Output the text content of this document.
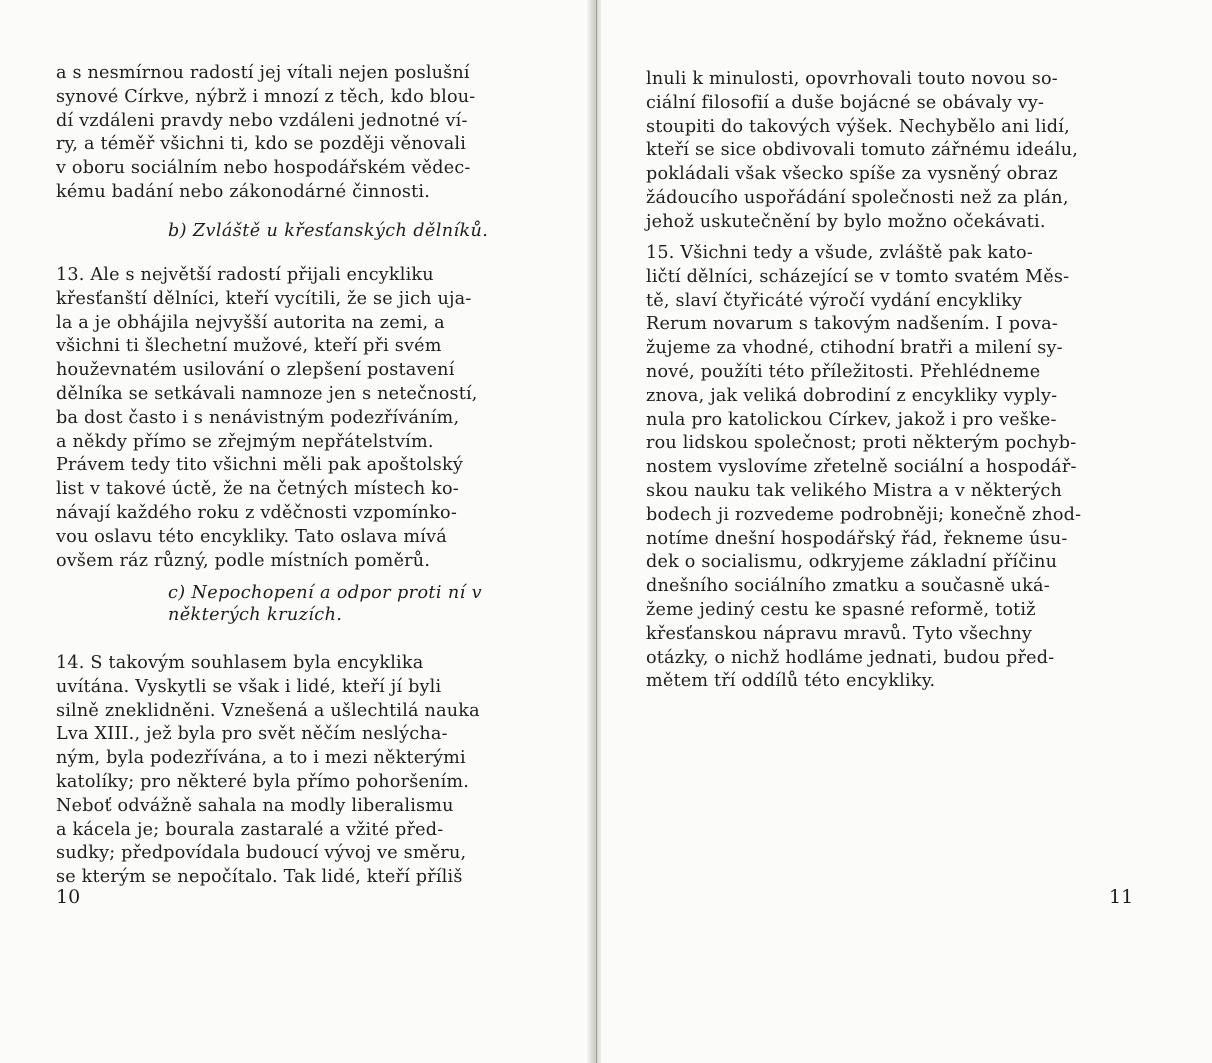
a s nesmírnou radostí jej vítali nejen poslušní
synové Církve, nýbrž i mnozí z těch, kdo blou-
dí vzdáleni pravdy nebo vzdáleni jednotné ví-
ry, a téměř všichni ti, kdo se později věnovali
v oboru sociálním nebo hospodářském vědec-
kému badání nebo zákonodárné činnosti.

b) Zvláště u křesťanských dělníků.

13. Ale s největší radostí přijali encykliku
křesťanští dělníci, kteří vycítili, že se jich uja-
la a je obhájila nejvyšší autorita na zemi, a
všichni ti šlechetní mužové, kteří při svém
houževnatém usilování o zlepšení postavení
dělníka se setkávali namnoze jen s netečností,
ba dost často i s nenávistným podezříváním,
a někdy přímo se zřejmým nepřátelstvím.
Právem tedy tito všichni měli pak apoštolský
list v takové úctě, že na četných místech ko-
návají každého roku z vděčnosti vzpomínko-
vou oslavu této encykliky. Tato oslava mívá
ovšem ráz různý, podle místních poměrů.

c) Nepochopení a odpor proti ní v
některých kruzích.

14. S takovým souhlasem byla encyklika
uvítána. Vyskytli se však i lidé, kteří jí byli
silně zneklidněni. Vznešená a ušlechtilá nauka
Lva XIII., jež byla pro svět něčím neslýcha-
ným, byla podezřívána, a to i mezi některými
katolíky; pro některé byla přímo pohoršením.
Neboť odvážně sahala na modly liberalismu
a kácela je; bourala zastaralé a vžité před-
sudky; předpovídala budoucí vývoj ve směru,
se kterým se nepočítalo. Tak lidé, kteří příliš

10

lnuli k minulosti, opovrhovali touto novou so-
ciální filosofií a duše bojácné se obávaly vy-
stoupiti do takových výšek. Nechybělo ani lidí,
kteří se sice obdivovali tomuto zářnému ideálu,
pokládali však všecko spíše za vysněný obraz
žádoucího uspořádání společnosti než za plán,
jehož uskutečnění by bylo možno očekávati.

15. Všichni tedy a všude, zvláště pak kato-
ličtí dělníci, scházející se v tomto svatém Měs-
tě, slaví čtyřicáté výročí vydání encykliky
Rerum novarum s takovým nadšením. I pova-
žujeme za vhodné, ctihodní bratři a milení sy-
nové, použíti této příležitosti. Přehlédneme
znova, jak veliká dobrodiní z encykliky vyply-
nula pro katolickou Církev, jakož i pro veške-
rou lidskou společnost; proti některým pochyb-
nostem vyslovíme zřetelně sociální a hospodář-
skou nauku tak velikého Mistra a v některých
bodech ji rozvedeme podrobněji; konečně zhod-
notíme dnešní hospodářský řád, řekneme úsu-
dek o socialismu, odkryjeme základní příčinu
dnešního sociálního zmatku a současně uká-
žeme jediný cestu ke spasné reformě, totiž
křesťanskou nápravu mravů. Tyto všechny
otázky, o nichž hodláme jednati, budou před-
mětem tří oddílů této encykliky.

11
